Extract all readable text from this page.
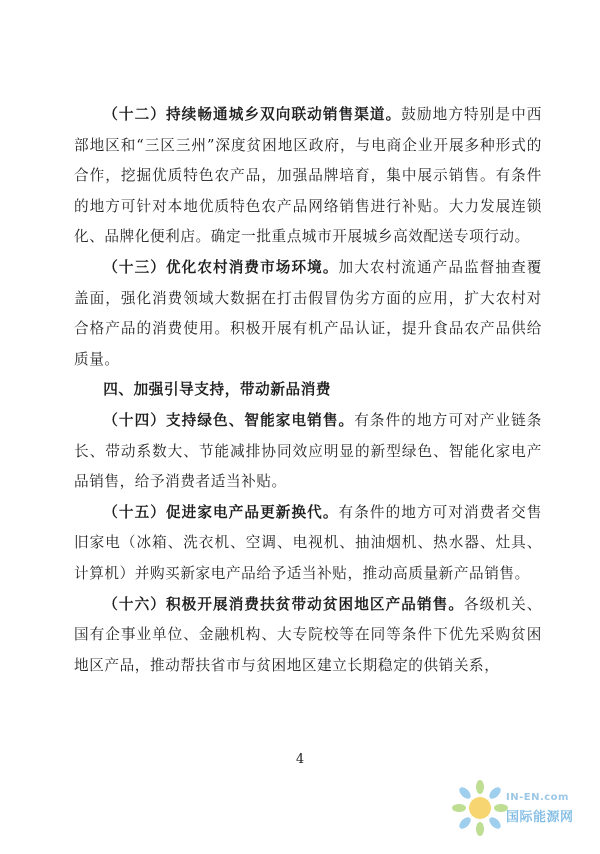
（十二）持续畅通城乡双向联动销售渠道。鼓励地方特别是中西部地区和“三区三州”深度贫困地区政府，与电商企业开展多种形式的合作，挖掘优质特色农产品，加强品牌培育，集中展示销售。有条件的地方可针对本地优质特色农产品网络销售进行补贴。大力发展连锁化、品牌化便利店。确定一批重点城市开展城乡高效配送专项行动。

（十三）优化农村消费市场环境。加大农村流通产品监督抽查覆盖面，强化消费领域大数据在打击假冒伪劣方面的应用，扩大农村对合格产品的消费使用。积极开展有机产品认证，提升食品农产品供给质量。

四、加强引导支持，带动新品消费

（十四）支持绿色、智能家电销售。有条件的地方可对产业链条长、带动系数大、节能减排协同效应明显的新型绿色、智能化家电产品销售，给予消费者适当补贴。

（十五）促进家电产品更新换代。有条件的地方可对消费者交售旧家电（冰箱、洗衣机、空调、电视机、抽油烟机、热水器、灶具、计算机）并购买新家电产品给予适当补贴，推动高质量新产品销售。

（十六）积极开展消费扶贫带动贫困地区产品销售。各级机关、国有企事业单位、金融机构、大专院校等在同等条件下优先采购贫困地区产品，推动帮扶省市与贫困地区建立长期稳定的供销关系，

4
IN-EN.com
国际能源网
